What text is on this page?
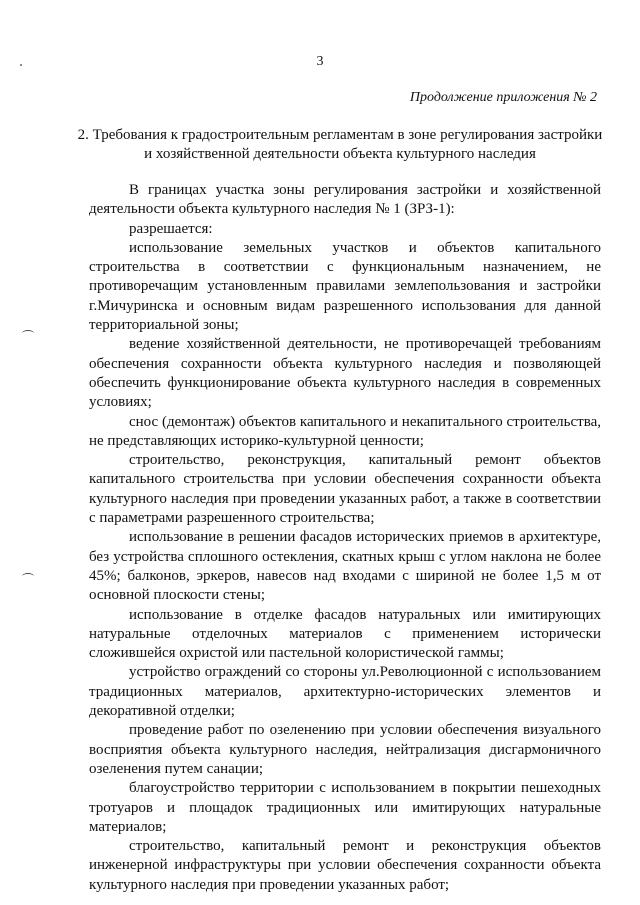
3
Продолжение приложения № 2
2. Требования к градостроительным регламентам в зоне регулирования застройки и хозяйственной деятельности объекта культурного наследия

В границах участка зоны регулирования застройки и хозяйственной деятельности объекта культурного наследия № 1 (ЗРЗ-1):

разрешается:

использование земельных участков и объектов капитального строительства в соответствии с функциональным назначением, не противоречащим установленным правилами землепользования и застройки г.Мичуринска и основным видам разрешенного использования для данной территориальной зоны;

ведение хозяйственной деятельности, не противоречащей требованиям обеспечения сохранности объекта культурного наследия и позволяющей обеспечить функционирование объекта культурного наследия в современных условиях;

снос (демонтаж) объектов капитального и некапитального строительства, не представляющих историко-культурной ценности;

строительство, реконструкция, капитальный ремонт объектов капитального строительства при условии обеспечения сохранности объекта культурного наследия при проведении указанных работ, а также в соответствии с параметрами разрешенного строительства;

использование в решении фасадов исторических приемов в архитектуре, без устройства сплошного остекления, скатных крыш с углом наклона не более 45%; балконов, эркеров, навесов над входами с шириной не более 1,5 м от основной плоскости стены;

использование в отделке фасадов натуральных или имитирующих натуральные отделочных материалов с применением исторически сложившейся охристой или пастельной колористической гаммы;

устройство ограждений со стороны ул.Революционной с использованием традиционных материалов, архитектурно-исторических элементов и декоративной отделки;

проведение работ по озеленению при условии обеспечения визуального восприятия объекта культурного наследия, нейтрализация дисгармоничного озеленения путем санации;

благоустройство территории с использованием в покрытии пешеходных тротуаров и площадок традиционных или имитирующих натуральные материалов;

строительство, капитальный ремонт и реконструкция объектов инженерной инфраструктуры при условии обеспечения сохранности объекта культурного наследия при проведении указанных работ;
